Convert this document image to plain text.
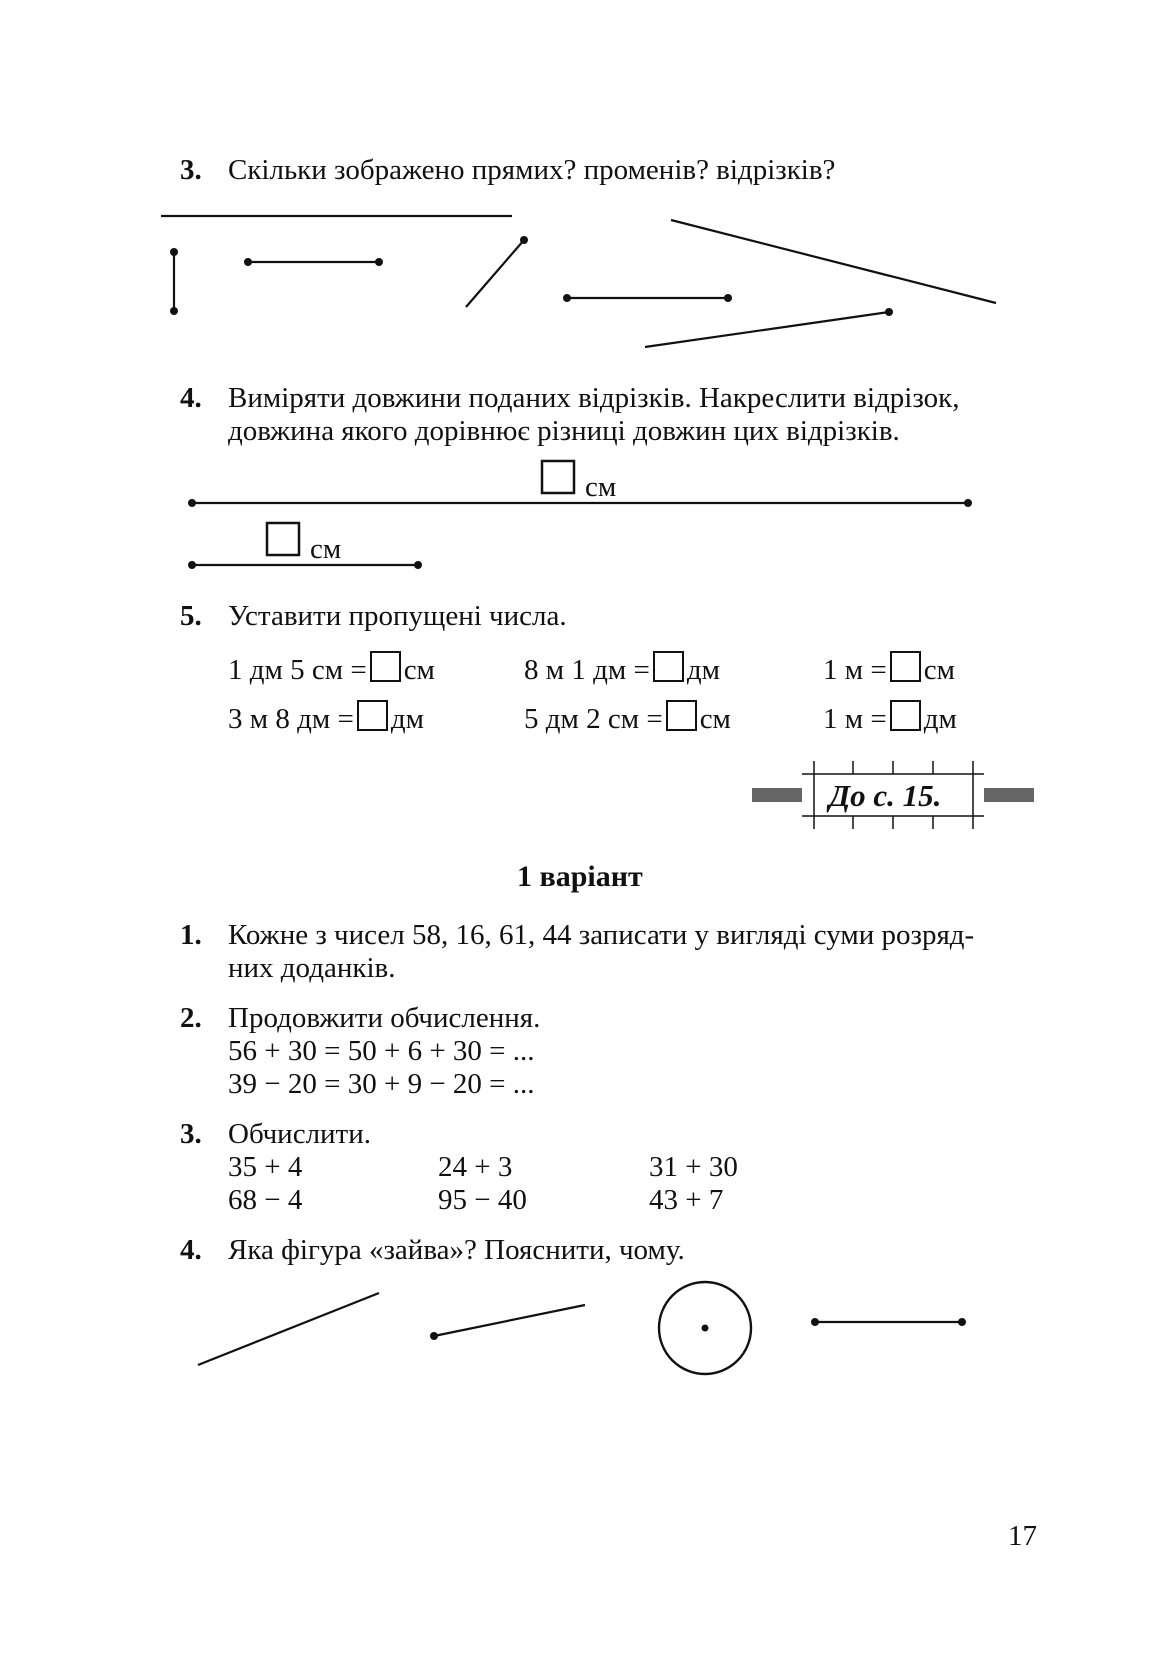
3. Скільки зображено прямих? променів? відрізків?
4. Виміряти довжини поданих відрізків. Накреслити відрізок,
довжина якого дорівнює різниці довжин цих відрізків.
см
см
5. Уставити пропущені числа.
1 дм 5 см = см	8 м 1 дм = дм	1 м = см
3 м 8 дм = дм	5 дм 2 см = см	1 м = дм
До с. 15.
1 варіант
1. Кожне з чисел 58, 16, 61, 44 записати у вигляді суми розряд-
них доданків.
2. Продовжити обчислення.
56 + 30 = 50 + 6 + 30 = ...
39 − 20 = 30 + 9 − 20 = ...
3. Обчислити.
35 + 4	24 + 3	31 + 30
68 − 4	95 − 40	43 + 7
4. Яка фігура «зайва»? Пояснити, чому.
17
